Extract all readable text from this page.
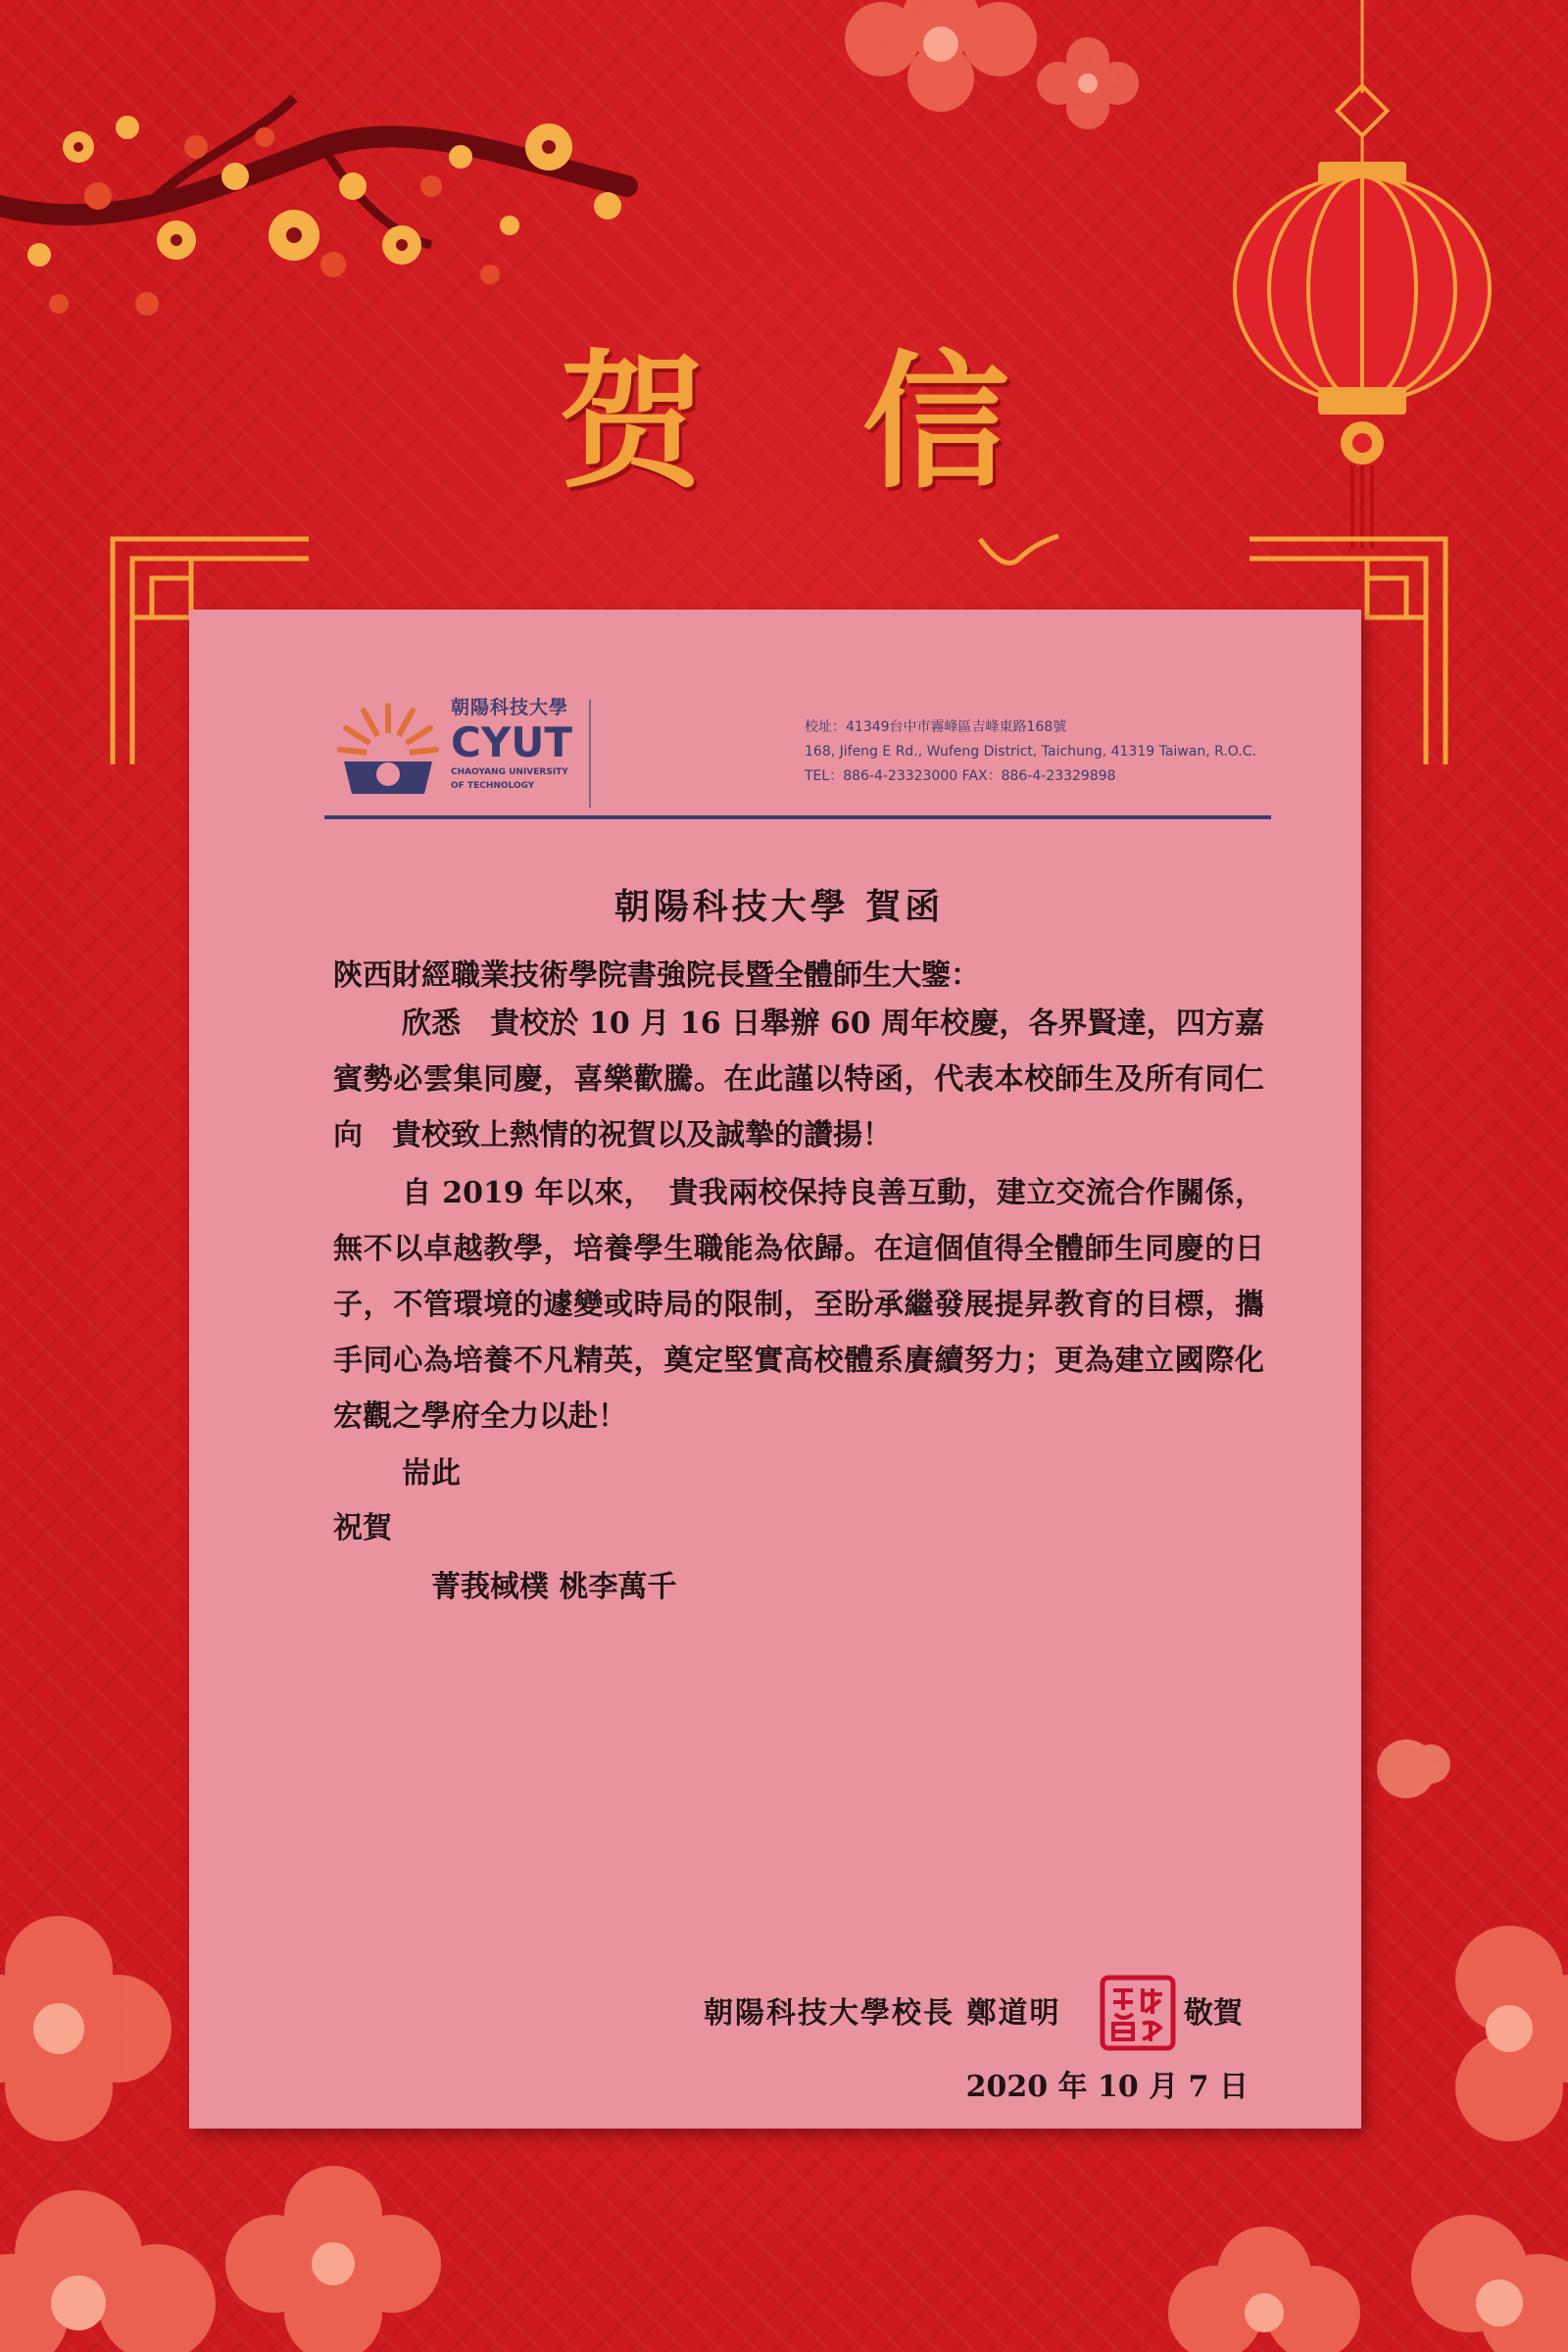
贺信
朝陽科技大學
CYUT
CHAOYANG UNIVERSITY
OF TECHNOLOGY
校址：41349台中市霧峰區吉峰東路168號
168, Jifeng E Rd., Wufeng District, Taichung, 41319 Taiwan, R.O.C.
TEL：886-4-23323000 FAX：886-4-23329898
朝陽科技大學 賀函
陝西財經職業技術學院書強院長暨全體師生大鑒：
欣悉　貴校於 10 月 16 日舉辦 60 周年校慶，各界賢達，四方嘉賓勢必雲集同慶，喜樂歡騰。在此謹以特函，代表本校師生及所有同仁向　貴校致上熱情的祝賀以及誠摯的讚揚！
自 2019 年以來，　貴我兩校保持良善互動，建立交流合作關係，無不以卓越教學，培養學生職能為依歸。在這個值得全體師生同慶的日子，不管環境的遽變或時局的限制，至盼承繼發展提昇教育的目標，攜手同心為培養不凡精英，奠定堅實高校體系賡續努力；更為建立國際化宏觀之學府全力以赴！
耑此
祝賀
菁莪棫樸 桃李萬千
朝陽科技大學校長 鄭道明	敬賀
2020 年 10 月 7 日
